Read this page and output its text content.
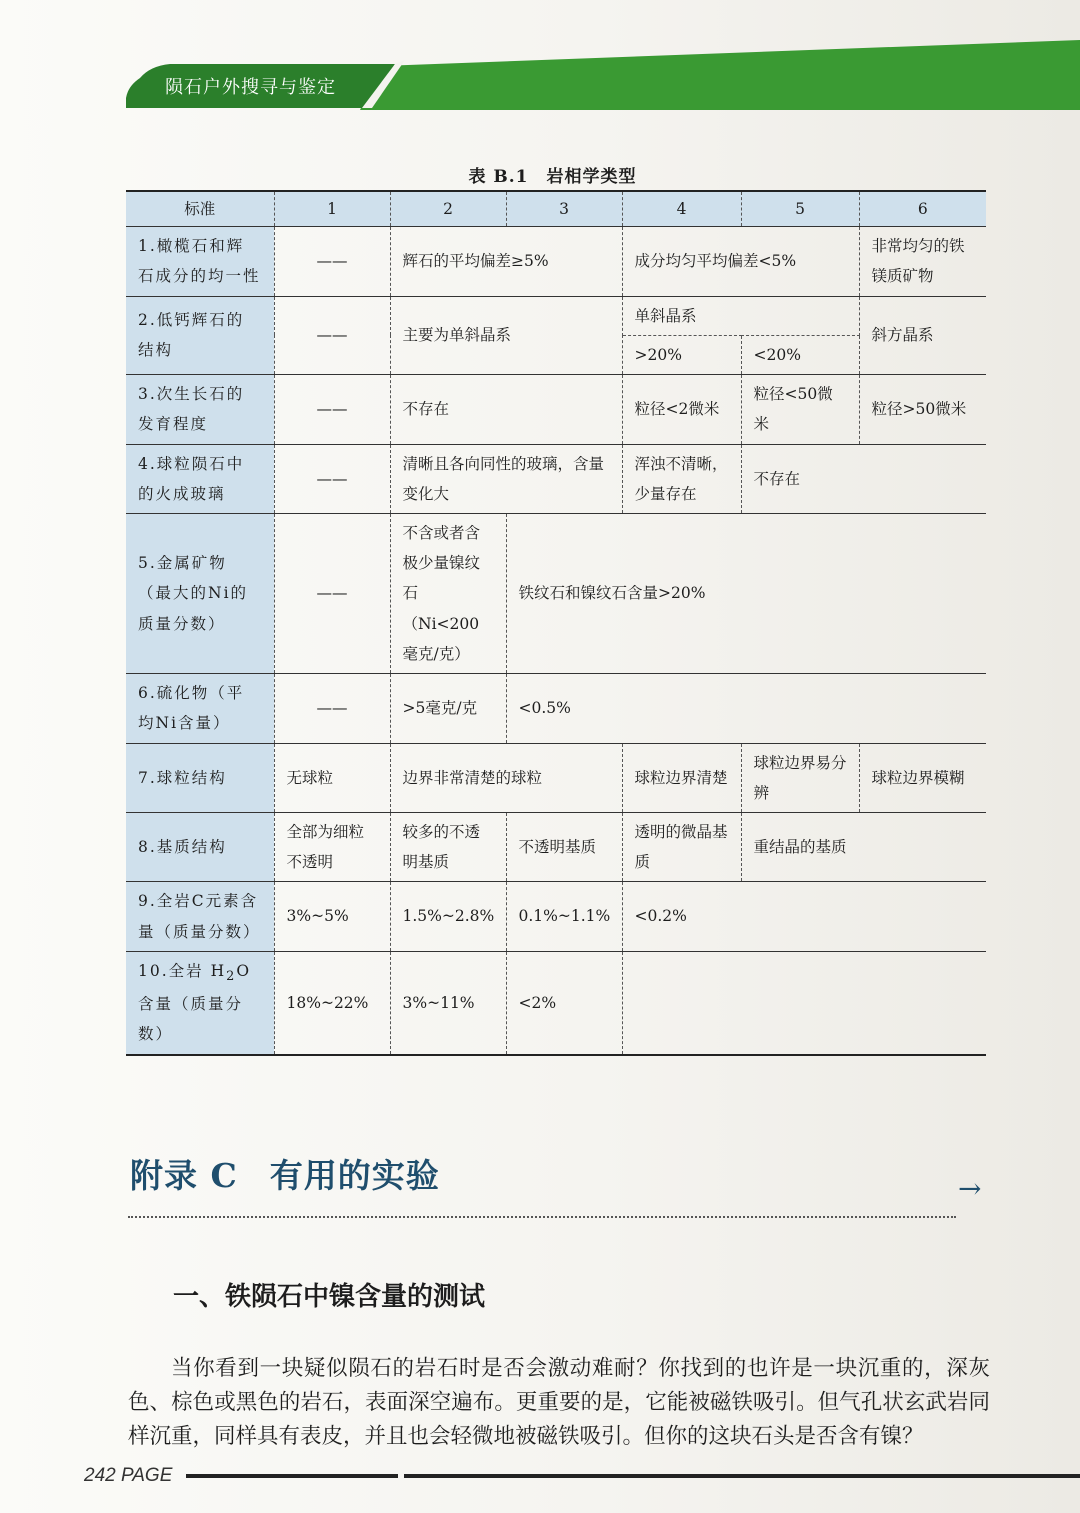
陨石户外搜寻与鉴定
表 B.1　岩相学类型
标准	1	2	3	4	5	6
1.橄榄石和辉石成分的均一性	——	辉石的平均偏差≥5%		成分均匀平均偏差<5%		非常均匀的铁镁质矿物
2.低钙辉石的结构	——	主要为单斜晶系		单斜晶系		斜方晶系
				>20%	<20%	
3.次生长石的发育程度	——	不存在		粒径<2微米	粒径<50微米	粒径>50微米
4.球粒陨石中的火成玻璃	——	清晰且各向同性的玻璃，含量变化大		浑浊不清晰，少量存在	不存在	
5.金属矿物（最大的Ni的质量分数）	——	不含或者含极少量镍纹石（Ni<200毫克/克）	铁纹石和镍纹石含量>20%			
6.硫化物（平均Ni含量）	——	>5毫克/克	<0.5%			
7.球粒结构	无球粒	边界非常清楚的球粒		球粒边界清楚	球粒边界易分辨	球粒边界模糊
8.基质结构	全部为细粒不透明	较多的不透明基质	不透明基质	透明的微晶基质	重结晶的基质	
9.全岩C元素含量（质量分数）	3%~5%	1.5%~2.8%	0.1%~1.1%	<0.2%		
10.全岩 $H_2O$含量（质量分数）	18%~22%	3%~11%	<2%			
附录 C 有用的实验	→
一、铁陨石中镍含量的测试

当你看到一块疑似陨石的岩石时是否会激动难耐？你找到的也许是一块沉重的，深灰色、棕色或黑色的岩石，表面深空遍布。更重要的是，它能被磁铁吸引。但气孔状玄武岩同样沉重，同样具有表皮，并且也会轻微地被磁铁吸引。但你的这块石头是否含有镍？

242 PAGE
